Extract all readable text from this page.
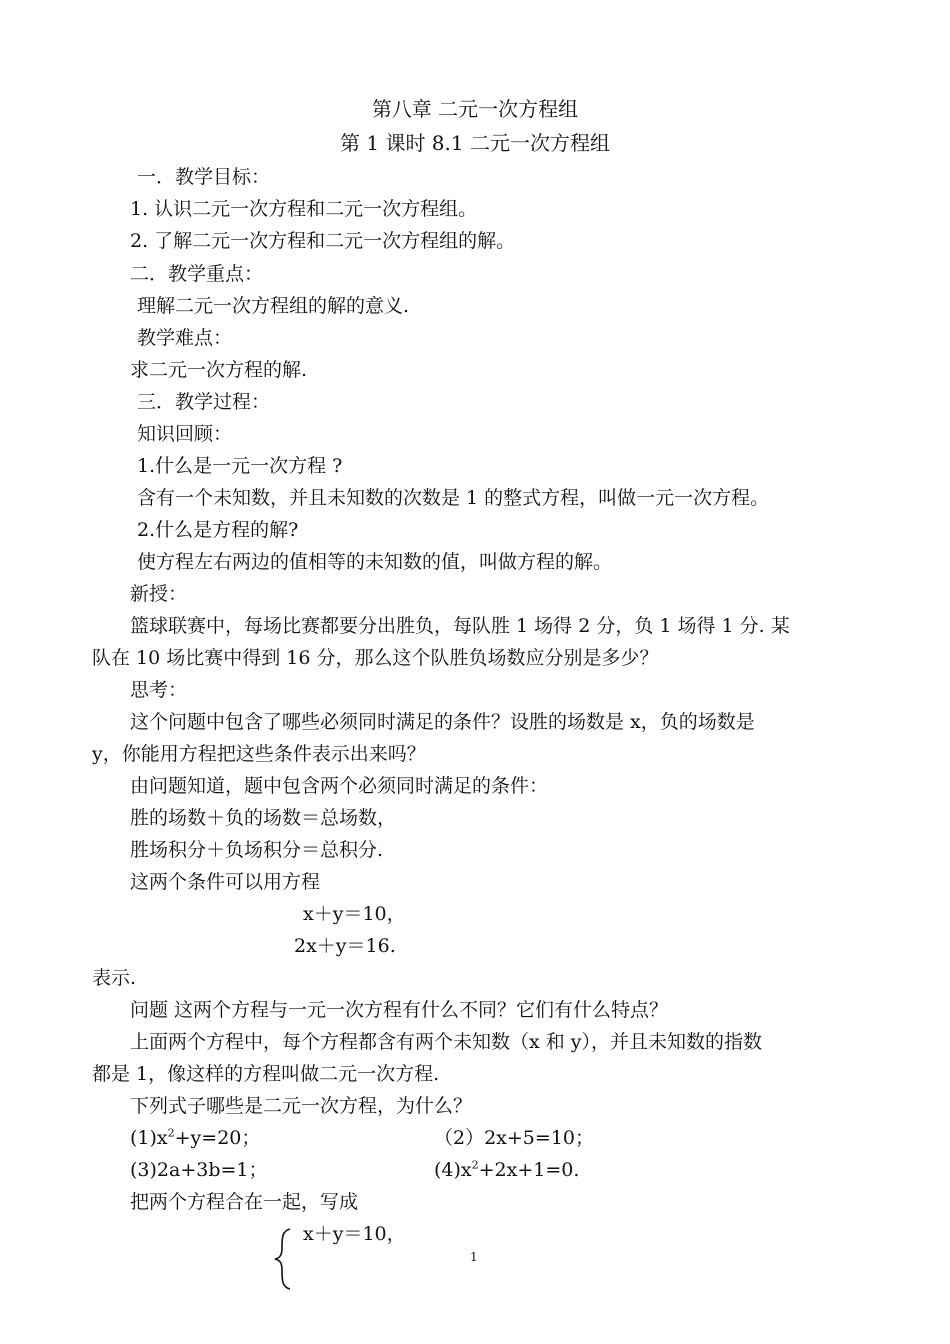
第八章 二元一次方程组
第 1 课时 8.1 二元一次方程组
一．教学目标：
1. 认识二元一次方程和二元一次方程组。
2. 了解二元一次方程和二元一次方程组的解。
二．教学重点：
理解二元一次方程组的解的意义.
教学难点：
求二元一次方程的解.
三．教学过程：
知识回顾：
1.什么是一元一次方程 ?
含有一个未知数，并且未知数的次数是 1 的整式方程，叫做一元一次方程。
2.什么是方程的解?
使方程左右两边的值相等的未知数的值，叫做方程的解。
新授：
篮球联赛中，每场比赛都要分出胜负，每队胜 1 场得 2 分，负 1 场得 1 分. 某
队在 10 场比赛中得到 16 分，那么这个队胜负场数应分别是多少？
思考：
这个问题中包含了哪些必须同时满足的条件？设胜的场数是 x，负的场数是
y，你能用方程把这些条件表示出来吗？
由问题知道，题中包含两个必须同时满足的条件：
胜的场数＋负的场数＝总场数，
胜场积分＋负场积分＝总积分.
这两个条件可以用方程
x＋y＝10，
2x＋y＝16.
表示.
问题 这两个方程与一元一次方程有什么不同？它们有什么特点？
上面两个方程中，每个方程都含有两个未知数（x 和 y），并且未知数的指数
都是 1，像这样的方程叫做二元一次方程.
下列式子哪些是二元一次方程，为什么？
$(1)x^2+y=20$；	（2）2x+5=10；
(3)2a+3b=1；	$(4)x^2+2x+1=0$.
把两个方程合在一起，写成
x＋y＝10，
1
